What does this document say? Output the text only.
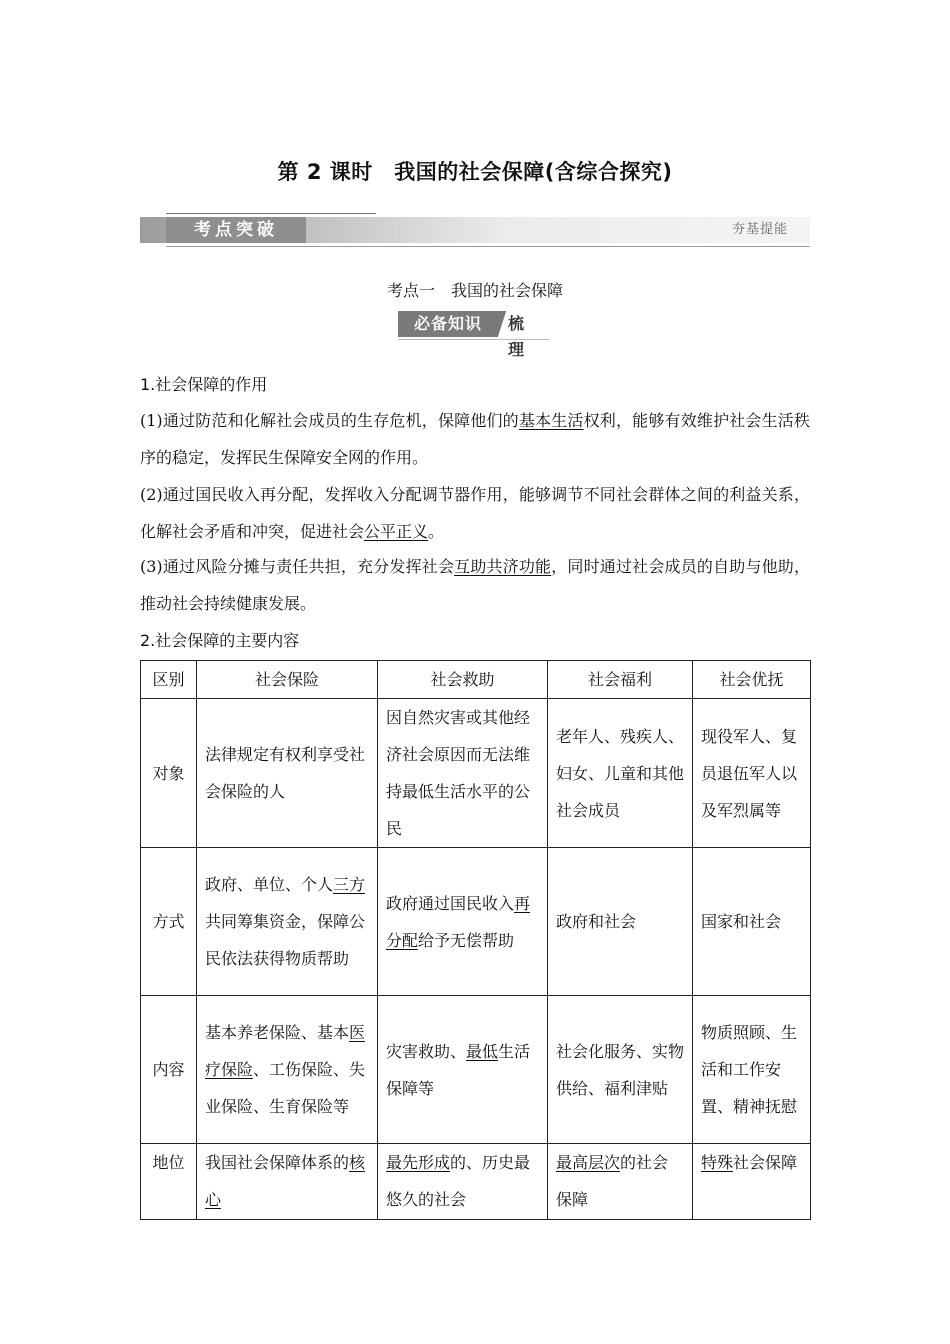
第 2 课时　我国的社会保障(含综合探究)
考点突破	夯基提能
考点一　我国的社会保障
必备知识	梳理
1.社会保障的作用
(1)通过防范和化解社会成员的生存危机，保障他们的基本生活权利，能够有效维护社会生活秩序的稳定，发挥民生保障安全网的作用。
(2)通过国民收入再分配，发挥收入分配调节器作用，能够调节不同社会群体之间的利益关系，化解社会矛盾和冲突，促进社会公平正义。
(3)通过风险分摊与责任共担，充分发挥社会互助共济功能，同时通过社会成员的自助与他助，推动社会持续健康发展。
2.社会保障的主要内容
区别	社会保险	社会救助	社会福利	社会优抚
对象	法律规定有权利享受社会保险的人	因自然灾害或其他经济社会原因而无法维持最低生活水平的公民	老年人、残疾人、妇女、儿童和其他社会成员	现役军人、复员退伍军人以及军烈属等
方式	政府、单位、个人三方共同筹集资金，保障公民依法获得物质帮助	政府通过国民收入再分配给予无偿帮助	政府和社会	国家和社会
内容	基本养老保险、基本医疗保险、工伤保险、失业保险、生育保险等	灾害救助、最低生活保障等	社会化服务、实物供给、福利津贴	物质照顾、生活和工作安置、精神抚慰
地位	我国社会保障体系的核心	最先形成的、历史最悠久的社会	最高层次的社会保障	特殊社会保障
